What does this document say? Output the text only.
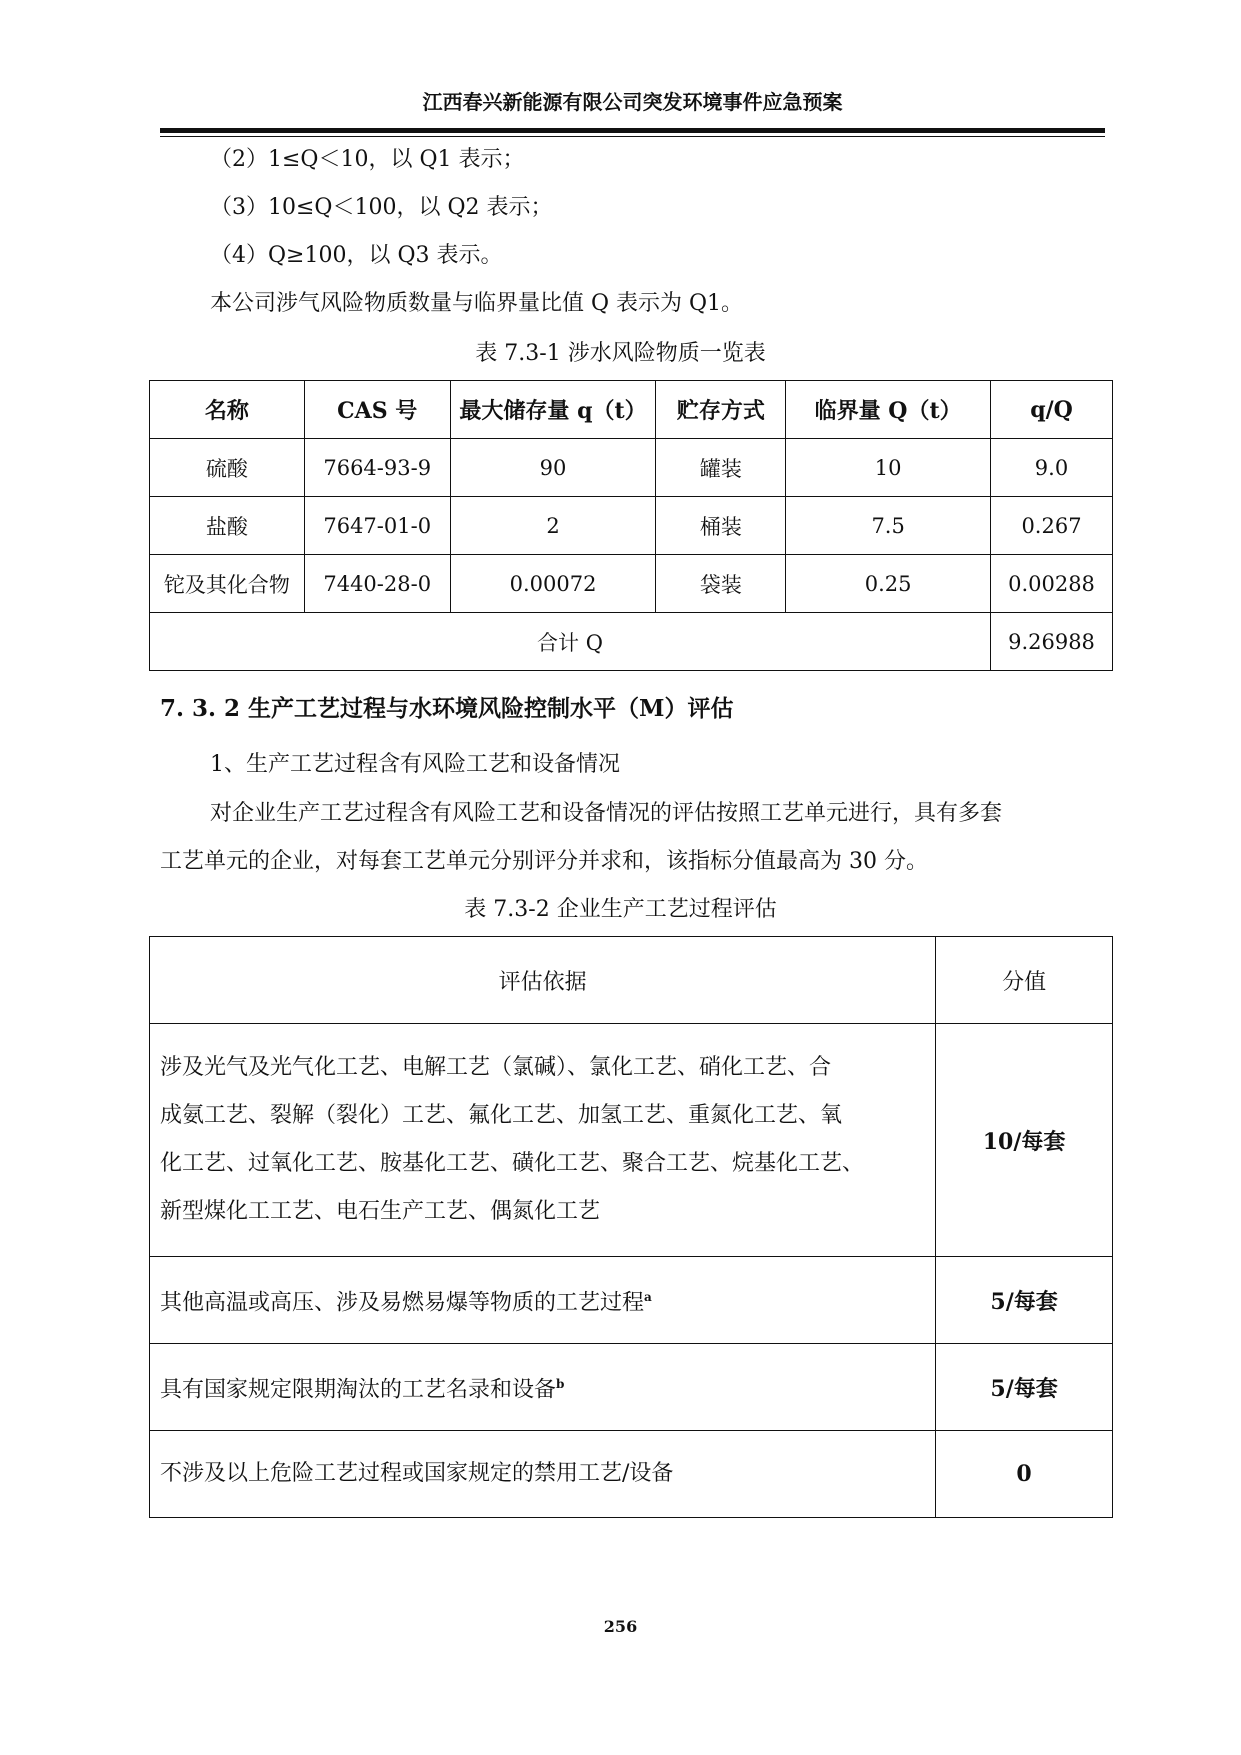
江西春兴新能源有限公司突发环境事件应急预案
（2）1≤Q＜10，以 Q1 表示；
（3）10≤Q＜100，以 Q2 表示；
（4）Q≥100，以 Q3 表示。
本公司涉气风险物质数量与临界量比值 Q 表示为 Q1。
表 7.3-1 涉水风险物质一览表
名称	CAS 号	最大储存量 q（t）	贮存方式	临界量 Q（t）	q/Q
硫酸	7664-93-9	90	罐装	10	9.0
盐酸	7647-01-0	2	桶装	7.5	0.267
铊及其化合物	7440-28-0	0.00072	袋装	0.25	0.00288
合计 Q					9.26988
7. 3. 2 生产工艺过程与水环境风险控制水平（M）评估
1、生产工艺过程含有风险工艺和设备情况
对企业生产工艺过程含有风险工艺和设备情况的评估按照工艺单元进行，具有多套
工艺单元的企业，对每套工艺单元分别评分并求和，该指标分值最高为 30 分。
表 7.3-2 企业生产工艺过程评估
评估依据	分值

涉及光气及光气化工艺、电解工艺（氯碱）、氯化工艺、硝化工艺、合
成氨工艺、裂解（裂化）工艺、氟化工艺、加氢工艺、重氮化工艺、氧
化工艺、过氧化工艺、胺基化工艺、磺化工艺、聚合工艺、烷基化工艺、
新型煤化工工艺、电石生产工艺、偶氮化工艺	10/每套
其他高温或高压、涉及易燃易爆等物质的工艺过程$^a$	5/每套
具有国家规定限期淘汰的工艺名录和设备$^b$	5/每套
不涉及以上危险工艺过程或国家规定的禁用工艺/设备	0
256
